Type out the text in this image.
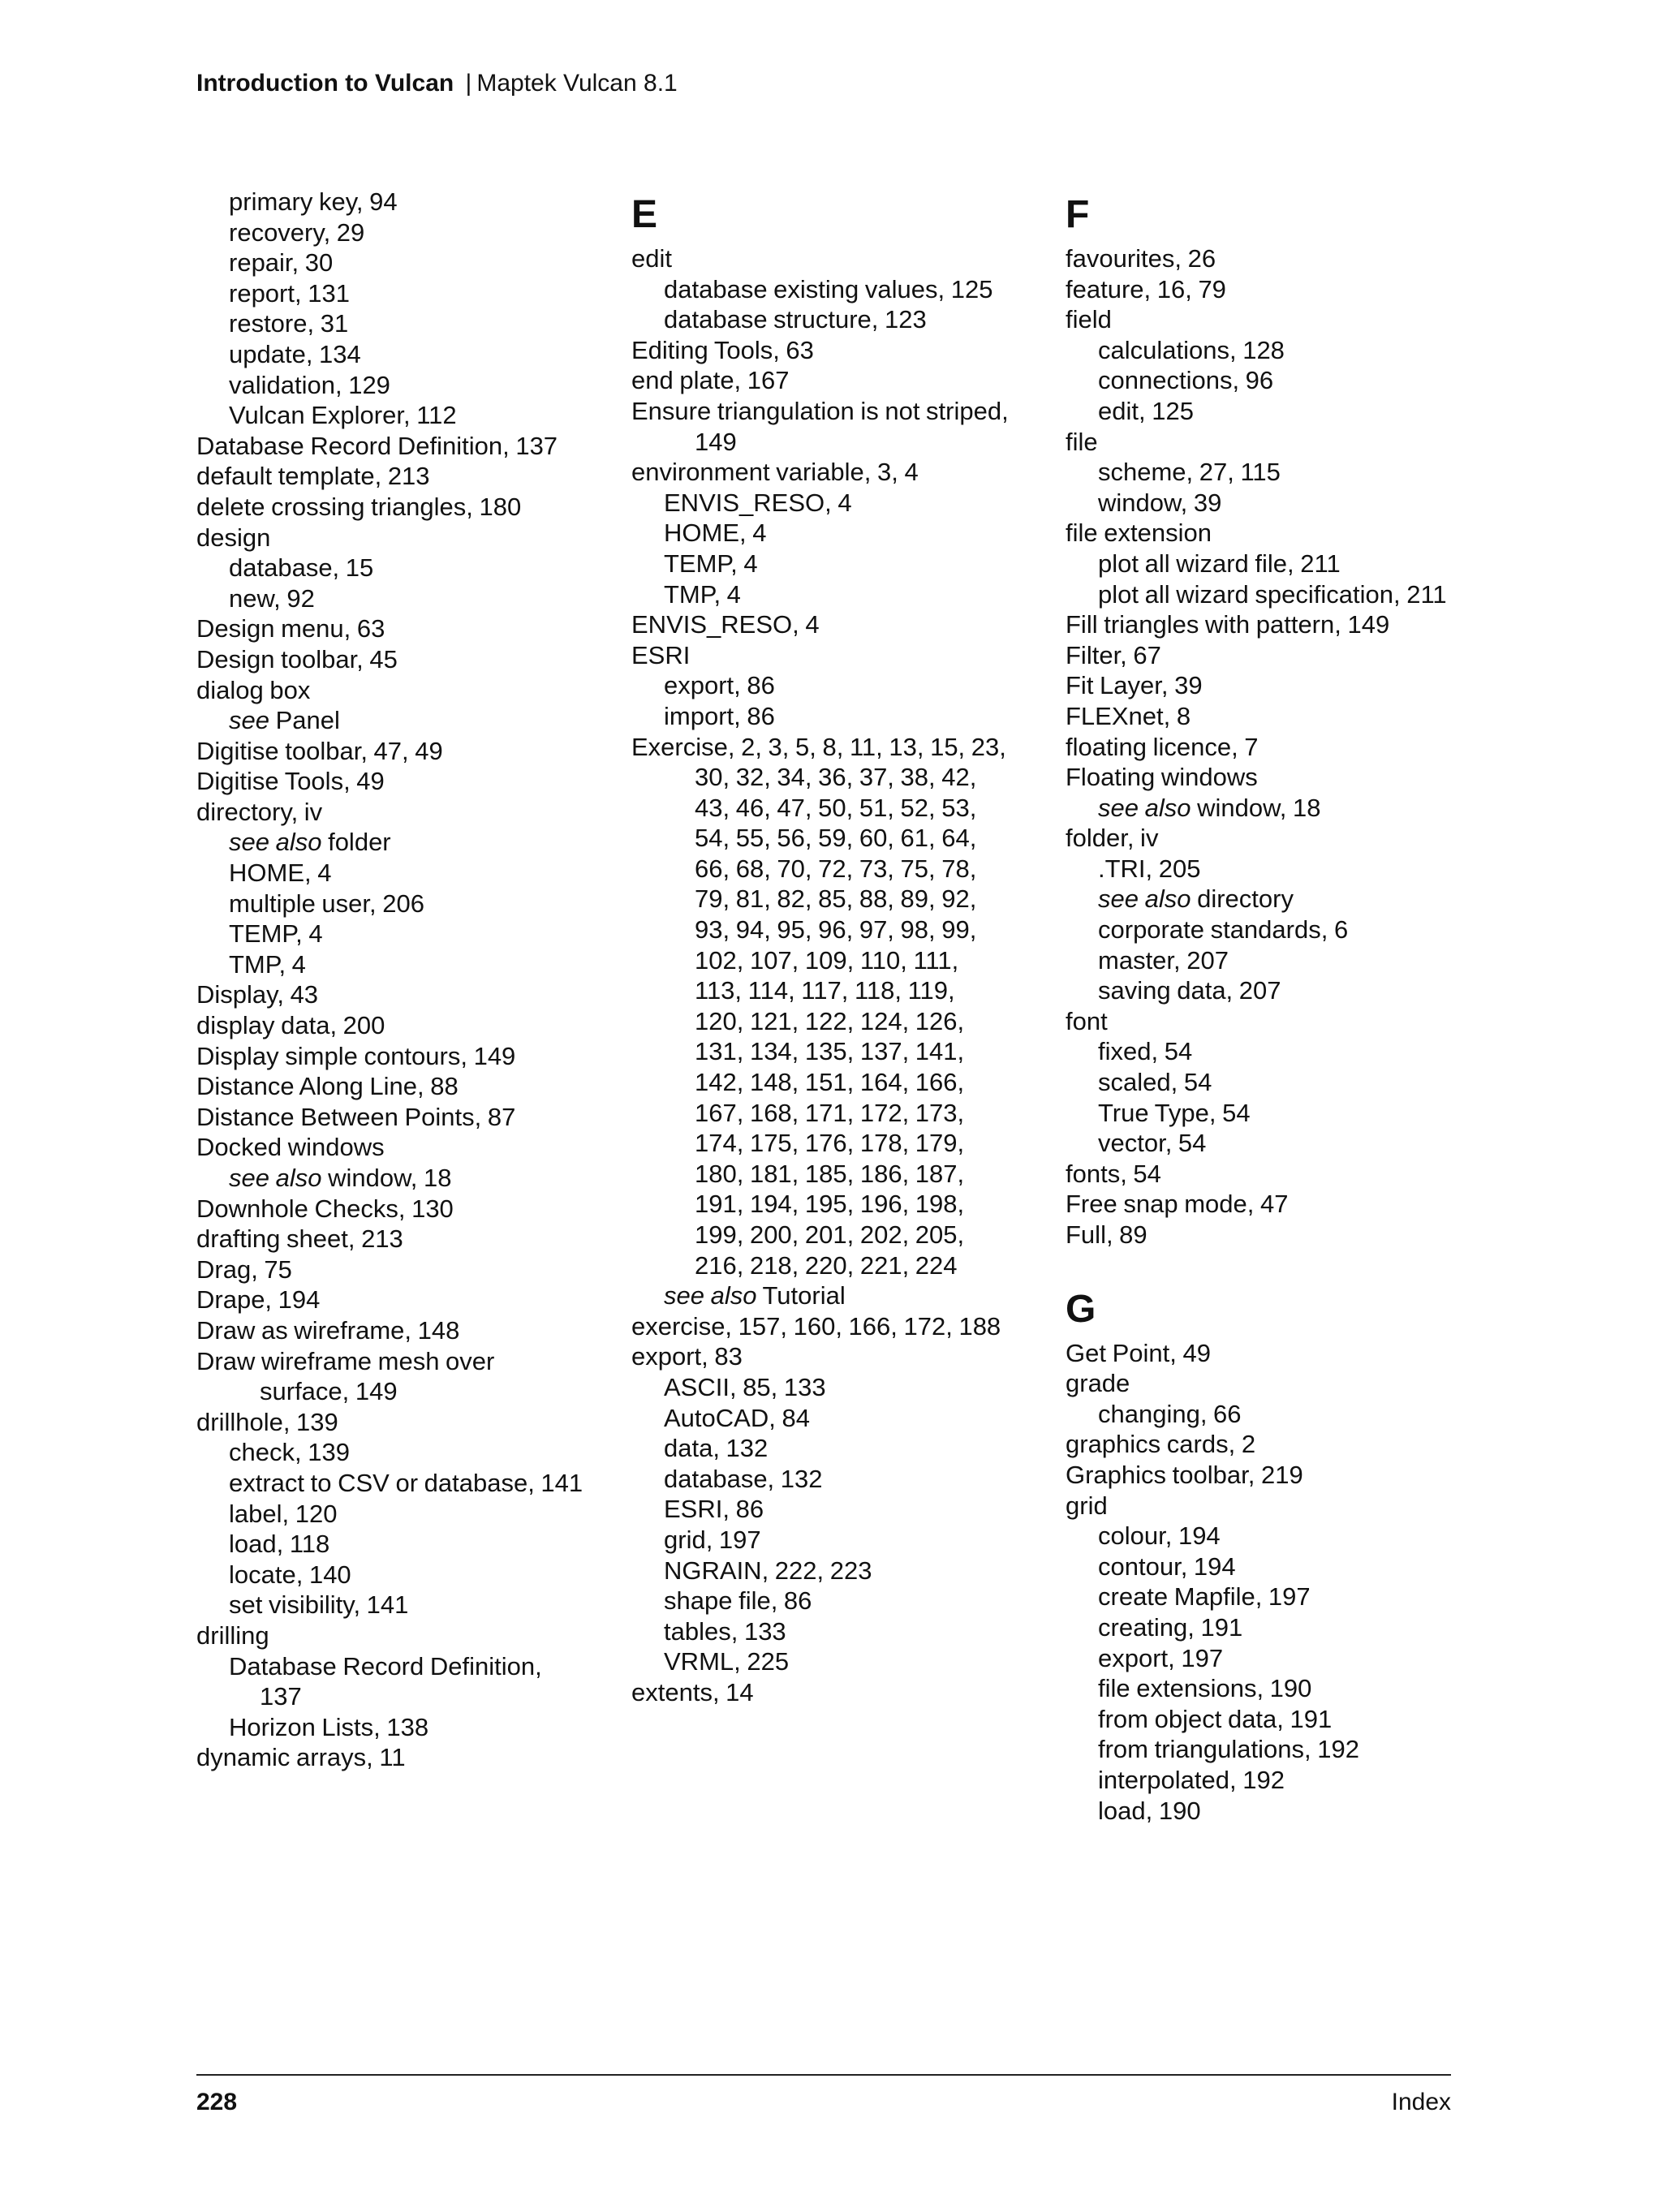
Introduction to Vulcan | Maptek Vulcan 8.1
primary key, 94
recovery, 29
repair, 30
report, 131
restore, 31
update, 134
validation, 129
Vulcan Explorer, 112
Database Record Definition, 137
default template, 213
delete crossing triangles, 180
design
database, 15
new, 92
Design menu, 63
Design toolbar, 45
dialog box
see Panel
Digitise toolbar, 47, 49
Digitise Tools, 49
directory, iv
see also folder
HOME, 4
multiple user, 206
TEMP, 4
TMP, 4
Display, 43
display data, 200
Display simple contours, 149
Distance Along Line, 88
Distance Between Points, 87
Docked windows
see also window, 18
Downhole Checks, 130
drafting sheet, 213
Drag, 75
Drape, 194
Draw as wireframe, 148
Draw wireframe mesh over
surface, 149
drillhole, 139
check, 139
extract to CSV or database, 141
label, 120
load, 118
locate, 140
set visibility, 141
drilling
Database Record Definition,
137
Horizon Lists, 138
dynamic arrays, 11
E
edit
database existing values, 125
database structure, 123
Editing Tools, 63
end plate, 167
Ensure triangulation is not striped,
149
environment variable, 3, 4
ENVIS_RESO, 4
HOME, 4
TEMP, 4
TMP, 4
ENVIS_RESO, 4
ESRI
export, 86
import, 86
Exercise, 2, 3, 5, 8, 11, 13, 15, 23,
30, 32, 34, 36, 37, 38, 42,
43, 46, 47, 50, 51, 52, 53,
54, 55, 56, 59, 60, 61, 64,
66, 68, 70, 72, 73, 75, 78,
79, 81, 82, 85, 88, 89, 92,
93, 94, 95, 96, 97, 98, 99,
102, 107, 109, 110, 111,
113, 114, 117, 118, 119,
120, 121, 122, 124, 126,
131, 134, 135, 137, 141,
142, 148, 151, 164, 166,
167, 168, 171, 172, 173,
174, 175, 176, 178, 179,
180, 181, 185, 186, 187,
191, 194, 195, 196, 198,
199, 200, 201, 202, 205,
216, 218, 220, 221, 224
see also Tutorial
exercise, 157, 160, 166, 172, 188
export, 83
ASCII, 85, 133
AutoCAD, 84
data, 132
database, 132
ESRI, 86
grid, 197
NGRAIN, 222, 223
shape file, 86
tables, 133
VRML, 225
extents, 14
F
favourites, 26
feature, 16, 79
field
calculations, 128
connections, 96
edit, 125
file
scheme, 27, 115
window, 39
file extension
plot all wizard file, 211
plot all wizard specification, 211
Fill triangles with pattern, 149
Filter, 67
Fit Layer, 39
FLEXnet, 8
floating licence, 7
Floating windows
see also window, 18
folder, iv
.TRI, 205
see also directory
corporate standards, 6
master, 207
saving data, 207
font
fixed, 54
scaled, 54
True Type, 54
vector, 54
fonts, 54
Free snap mode, 47
Full, 89
G
Get Point, 49
grade
changing, 66
graphics cards, 2
Graphics toolbar, 219
grid
colour, 194
contour, 194
create Mapfile, 197
creating, 191
export, 197
file extensions, 190
from object data, 191
from triangulations, 192
interpolated, 192
load, 190
228	Index
